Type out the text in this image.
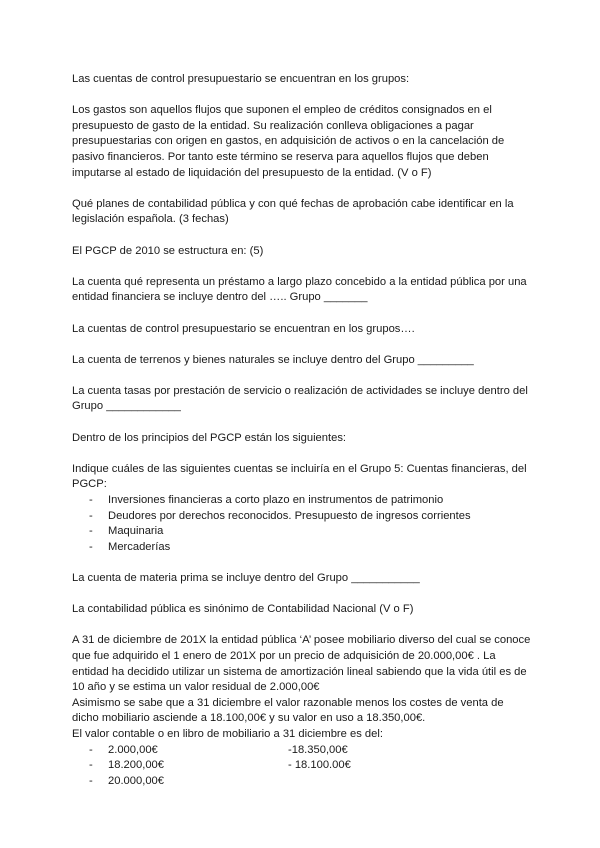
Las cuentas de control presupuestario se encuentran en los grupos:

Los gastos son aquellos flujos que suponen el empleo de créditos consignados en el presupuesto de gasto de la entidad. Su realización conlleva obligaciones a pagar presupuestarias con origen en gastos, en adquisición de activos o en la cancelación de pasivo financieros. Por tanto este término se reserva para aquellos flujos que deben imputarse al estado de liquidación del presupuesto de la entidad. (V o F)

Qué planes de contabilidad pública y con qué fechas de aprobación cabe identificar en la legislación española. (3 fechas)

El PGCP de 2010 se estructura en: (5)

La cuenta qué representa un préstamo a largo plazo concebido a la entidad pública por una entidad financiera se incluye dentro del ….. Grupo _______

La cuentas de control presupuestario se encuentran en los grupos….

La cuenta de terrenos y bienes naturales se incluye dentro del Grupo _________

La cuenta tasas por prestación de servicio o realización de actividades se incluye dentro del Grupo ____________

Dentro de los principios del PGCP están los siguientes:

Indique cuáles de las siguientes cuentas se incluiría en el Grupo 5: Cuentas financieras, del PGCP:

- Inversiones financieras a corto plazo en instrumentos de patrimonio
- Deudores por derechos reconocidos. Presupuesto de ingresos corrientes
- Maquinaria
- Mercaderías

La cuenta de materia prima se incluye dentro del Grupo ___________

La contabilidad pública es sinónimo de Contabilidad Nacional (V o F)

A 31 de diciembre de 201X la entidad pública ‘A’ posee mobiliario diverso del cual se conoce que fue adquirido el 1 enero de 201X por un precio de adquisición de 20.000,00€ . La entidad ha decidido utilizar un sistema de amortización lineal sabiendo que la vida útil es de 10 año y se estima un valor residual de 2.000,00€

Asimismo se sabe que a 31 diciembre el valor razonable menos los costes de venta de dicho mobiliario asciende a 18.100,00€ y su valor en uso a 18.350,00€.

El valor contable o en libro de mobiliario a 31 diciembre es del:

- 2.000,00€	-18.350,00€
- 18.200,00€	- 18.100.00€
- 20.000,00€
